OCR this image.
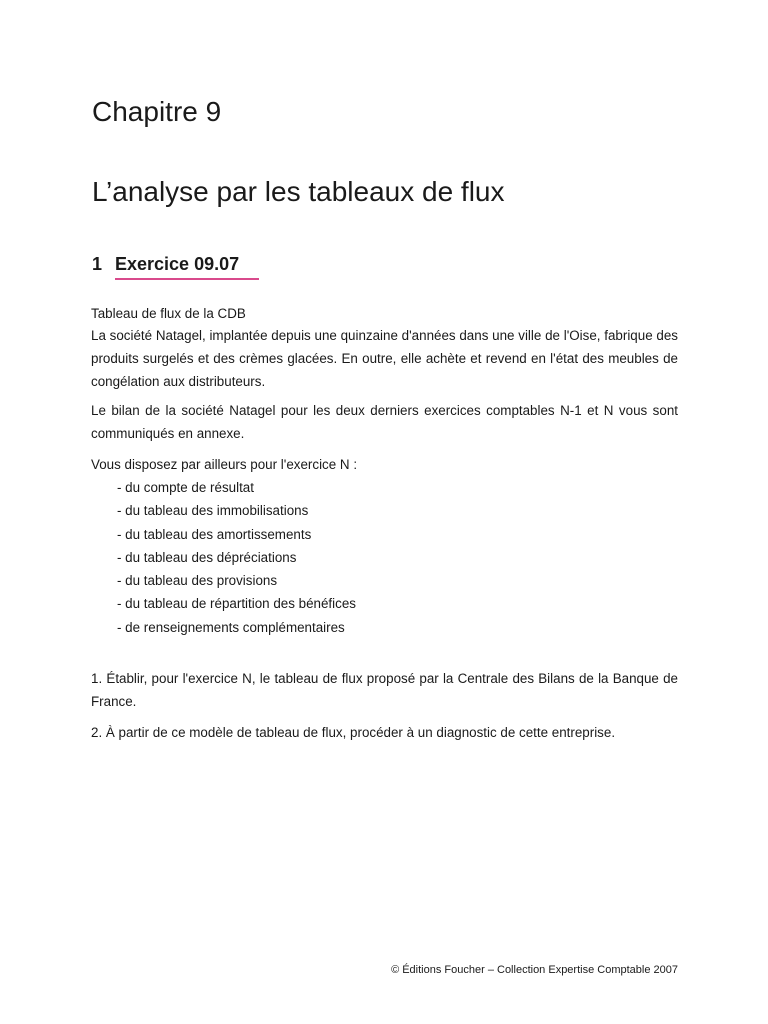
Chapitre 9
L’analyse par les tableaux de flux
1 Exercice 09.07

Tableau de flux de la CDB

La société Natagel, implantée depuis une quinzaine d'années dans une ville de l'Oise, fabrique des produits surgelés et des crèmes glacées. En outre, elle achète et revend en l'état des meubles de congélation aux distributeurs.

Le bilan de la société Natagel pour les deux derniers exercices comptables N-1 et N vous sont communiqués en annexe.

Vous disposez par ailleurs pour l'exercice N :

- du compte de résultat
- du tableau des immobilisations
- du tableau des amortissements
- du tableau des dépréciations
- du tableau des provisions
- du tableau de répartition des bénéfices
- de renseignements complémentaires

1. Établir, pour l'exercice N, le tableau de flux proposé par la Centrale des Bilans de la Banque de France.

2. À partir de ce modèle de tableau de flux, procéder à un diagnostic de cette entreprise.

© Éditions Foucher – Collection Expertise Comptable 2007
